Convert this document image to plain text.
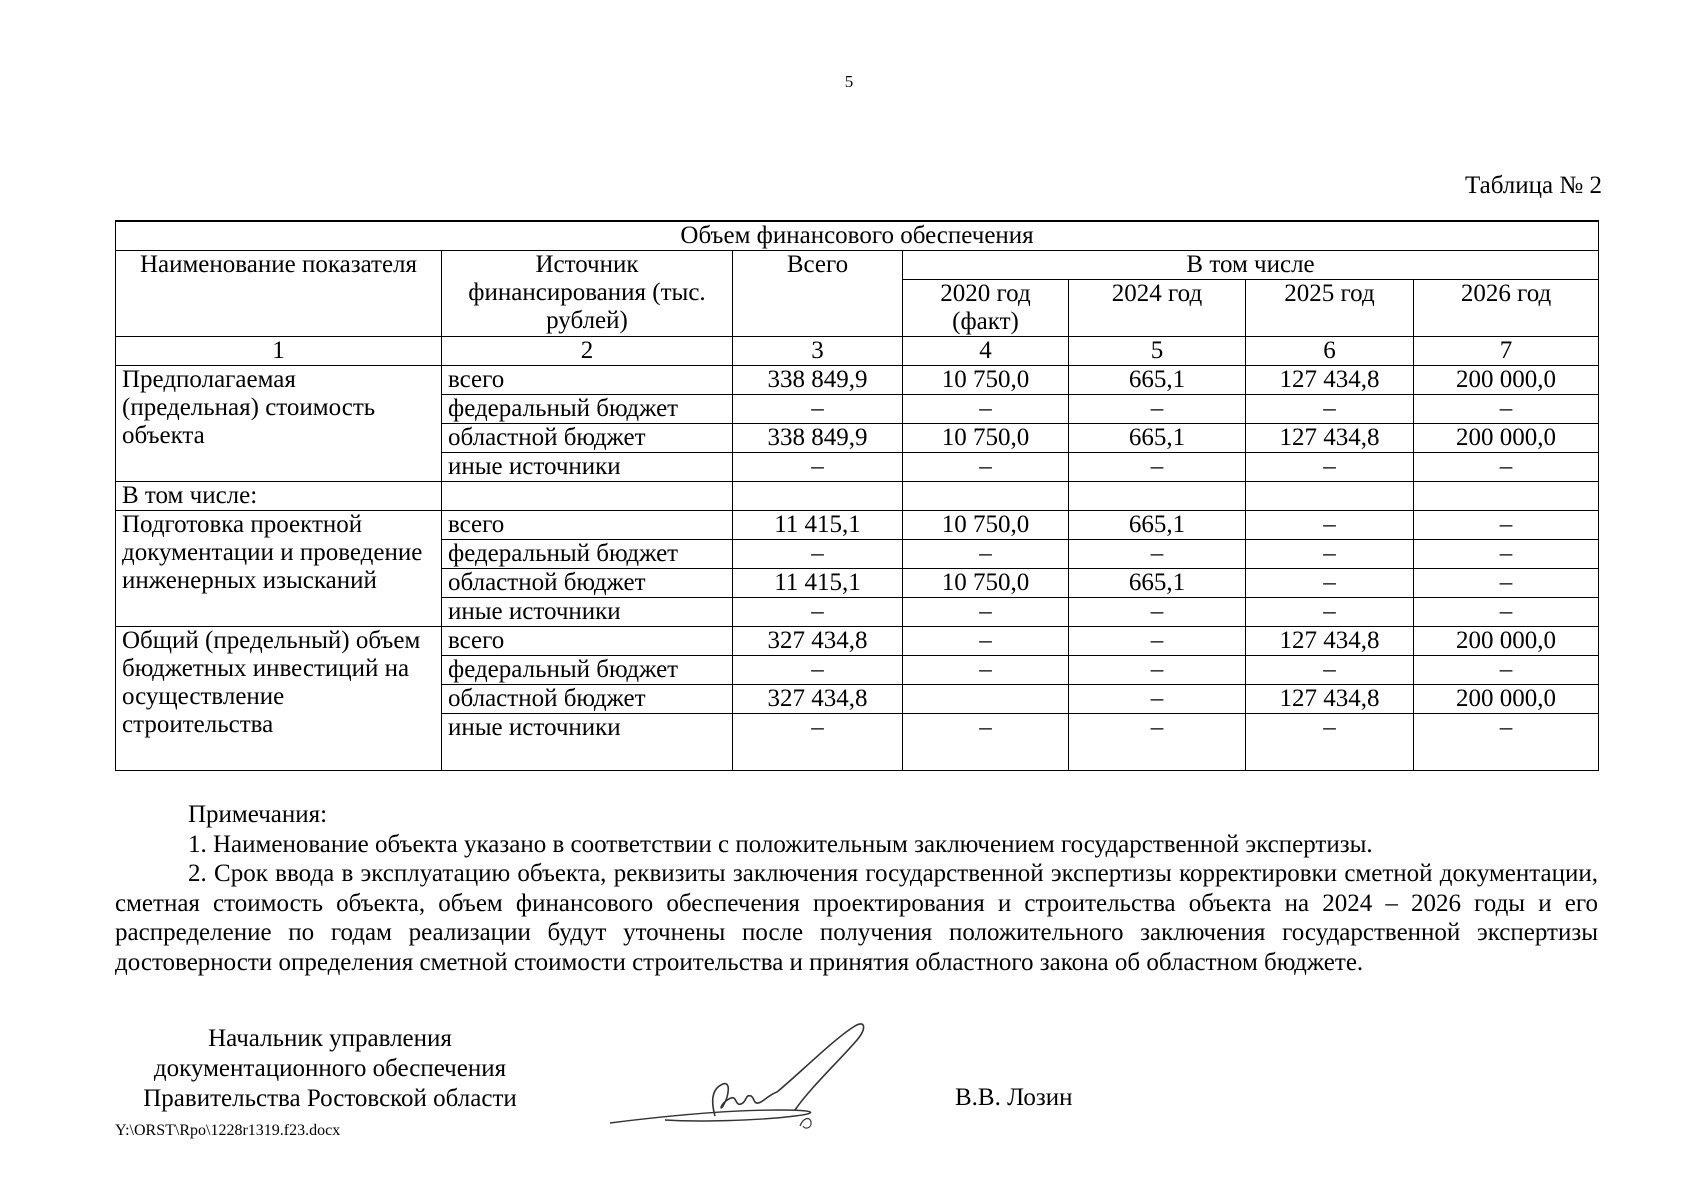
5
Таблица № 2
Объем финансового обеспечения						
Наименование показателя	Источник финансирования (тыс. рублей)	Всего	В том числе			
			2020 год (факт)	2024 год	2025 год	2026 год
1	2	3	4	5	6	7
Предполагаемая (предельная) стоимость объекта	всего	338 849,9	10 750,0	665,1	127 434,8	200 000,0
	федеральный бюджет	–	–	–	–	–
	областной бюджет	338 849,9	10 750,0	665,1	127 434,8	200 000,0
	иные источники	–	–	–	–	–
В том числе:						
Подготовка проектной документации и проведение инженерных изысканий	всего	11 415,1	10 750,0	665,1	–	–
	федеральный бюджет	–	–	–	–	–
	областной бюджет	11 415,1	10 750,0	665,1	–	–
	иные источники	–	–	–	–	–
Общий (предельный) объем бюджетных инвестиций на осуществление строительства	всего	327 434,8	–	–	127 434,8	200 000,0
	федеральный бюджет	–	–	–	–	–
	областной бюджет	327 434,8		–	127 434,8	200 000,0
	иные источники	–	–	–	–	–

Примечания:

1. Наименование объекта указано в соответствии с положительным заключением государственной экспертизы.

2. Срок ввода в эксплуатацию объекта, реквизиты заключения государственной экспертизы корректировки сметной документации, сметная стоимость объекта, объем финансового обеспечения проектирования и строительства объекта на 2024 – 2026 годы и его распределение по годам реализации будут уточнены после получения положительного заключения государственной экспертизы достоверности определения сметной стоимости строительства и принятия областного закона об областном бюджете.

Начальник управления
документационного обеспечения
Правительства Ростовской области	В.В. Лозин
Y:\ORST\Rpo\1228r1319.f23.docx
